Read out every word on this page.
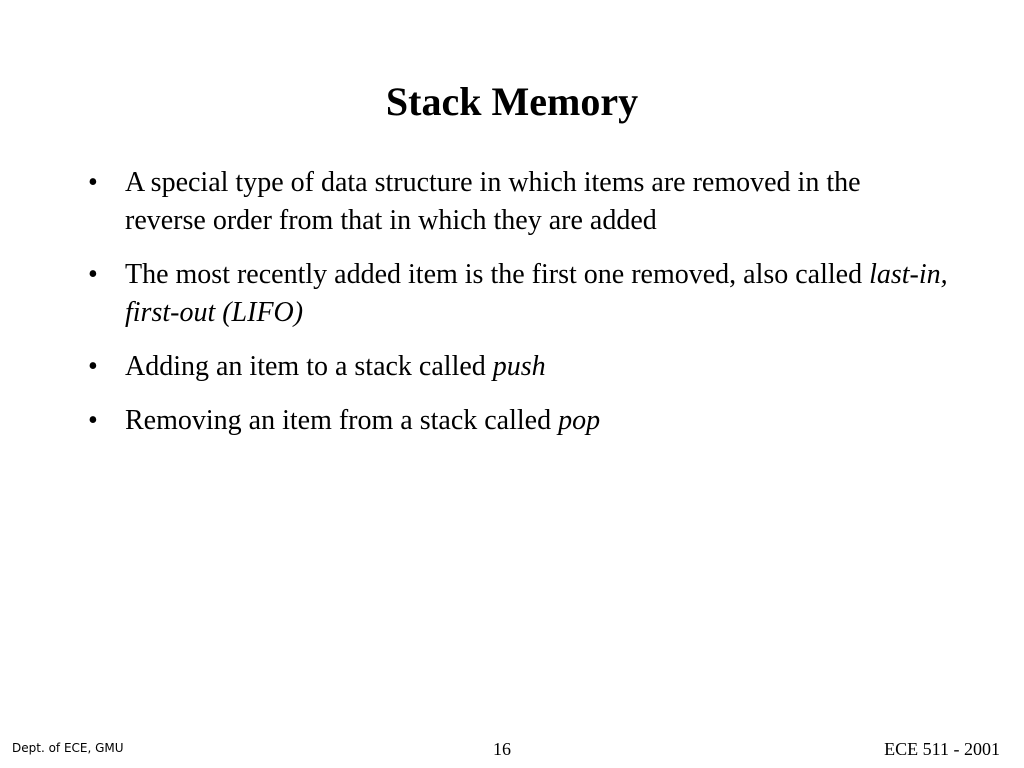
Stack Memory
• A special type of data structure in which items are removed in the reverse order from that in which they are added
• The most recently added item is the first one removed, also called last-in, first-out (LIFO)
• Adding an item to a stack called push
• Removing an item from a stack called pop
Dept. of ECE, GMU	16	ECE 511 - 2001
